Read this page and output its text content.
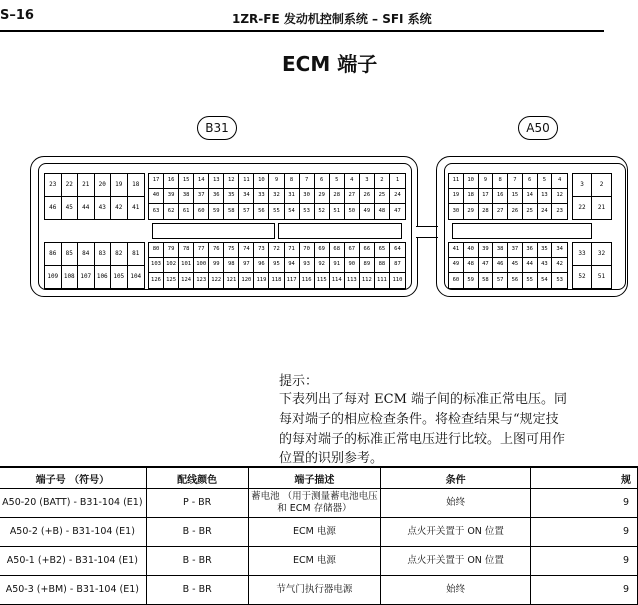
S–16	1ZR-FE 发动机控制系统 – SFI 系统
ECM 端子
B31	A50
23	22	21	20	19	18
46	45	44	43	42	41
17	16	15	14	13	12	11	10	9	8	7	6	5	4	3	2	1
40	39	38	37	36	35	34	33	32	31	30	29	28	27	26	25	24
63	62	61	60	59	58	57	56	55	54	53	52	51	50	49	48	47
86	85	84	83	82	81
109 108 107 106 105	104
80	79	78	77	76	75	74	73	72	71	70	69	68	67	66	65	64
103 102 101 100	99	98	97	96	95	94	93	92	91	90	89	88	87
126 125 124 123 122 121 120 119 118 117 116 115 114 113 112 111	110
11	10	9	8	7	6	5	4
19	18	17	16	15	14	13	12
30	29	28	27	26	25	24	23
3	2
22	21
41	40	39	38	37	36	35	34
49	48	47	46	45	44	43	42
60	59	58	57	56	55	54	53
33	32
52	51
提示：
下表列出了每对 ECM 端子间的标准正常电压。同
每对端子的相应检查条件。将检查结果与“规定技
的每对端子的标准正常电压进行比较。上图可用作
位置的识别参考。
端子号 （符号）	配线颜色	端子描述	条件	规
A50-20 (BATT) - B31-104 (E1)	P - BR	蓄电池 （用于测量蓄电池电压和 ECM 存储器）	始终	9
A50-2 (+B) - B31-104 (E1)	B - BR	ECM 电源	点火开关置于 ON 位置	9
A50-1 (+B2) - B31-104 (E1)	B - BR	ECM 电源	点火开关置于 ON 位置	9
A50-3 (+BM) - B31-104 (E1)	B - BR	节气门执行器电源	始终	9
